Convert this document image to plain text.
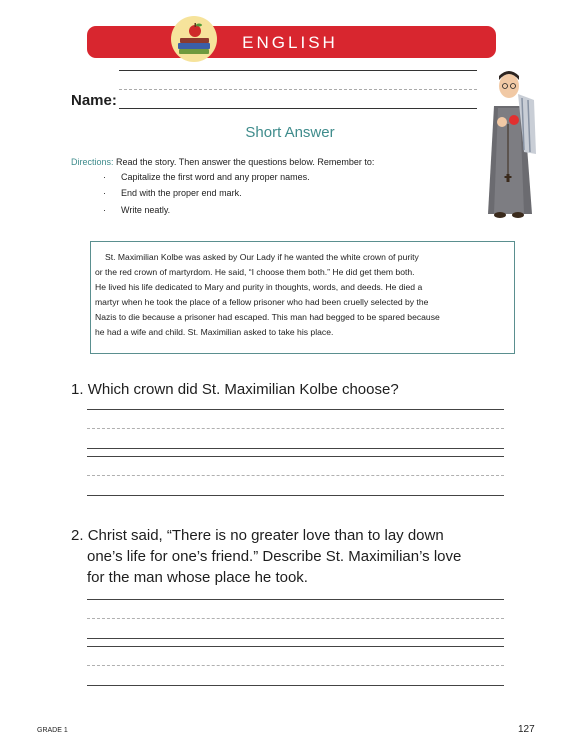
ENGLISH
Name:
Short Answer
Directions: Read the story. Then answer the questions below. Remember to:
· Capitalize the first word and any proper names.
· End with the proper end mark.
· Write neatly.
St. Maximilian Kolbe was asked by Our Lady if he wanted the white crown of purity
or the red crown of martyrdom. He said, “I choose them both.” He did get them both.
He lived his life dedicated to Mary and purity in thoughts, words, and deeds. He died a
martyr when he took the place of a fellow prisoner who had been cruelly selected by the
Nazis to die because a prisoner had escaped. This man had begged to be spared because
he had a wife and child. St. Maximilian asked to take his place.
1. Which crown did St. Maximilian Kolbe choose?
2. Christ said, “There is no greater love than to lay down
one’s life for one’s friend.” Describe St. Maximilian’s love
for the man whose place he took.
GRADE 1	127
